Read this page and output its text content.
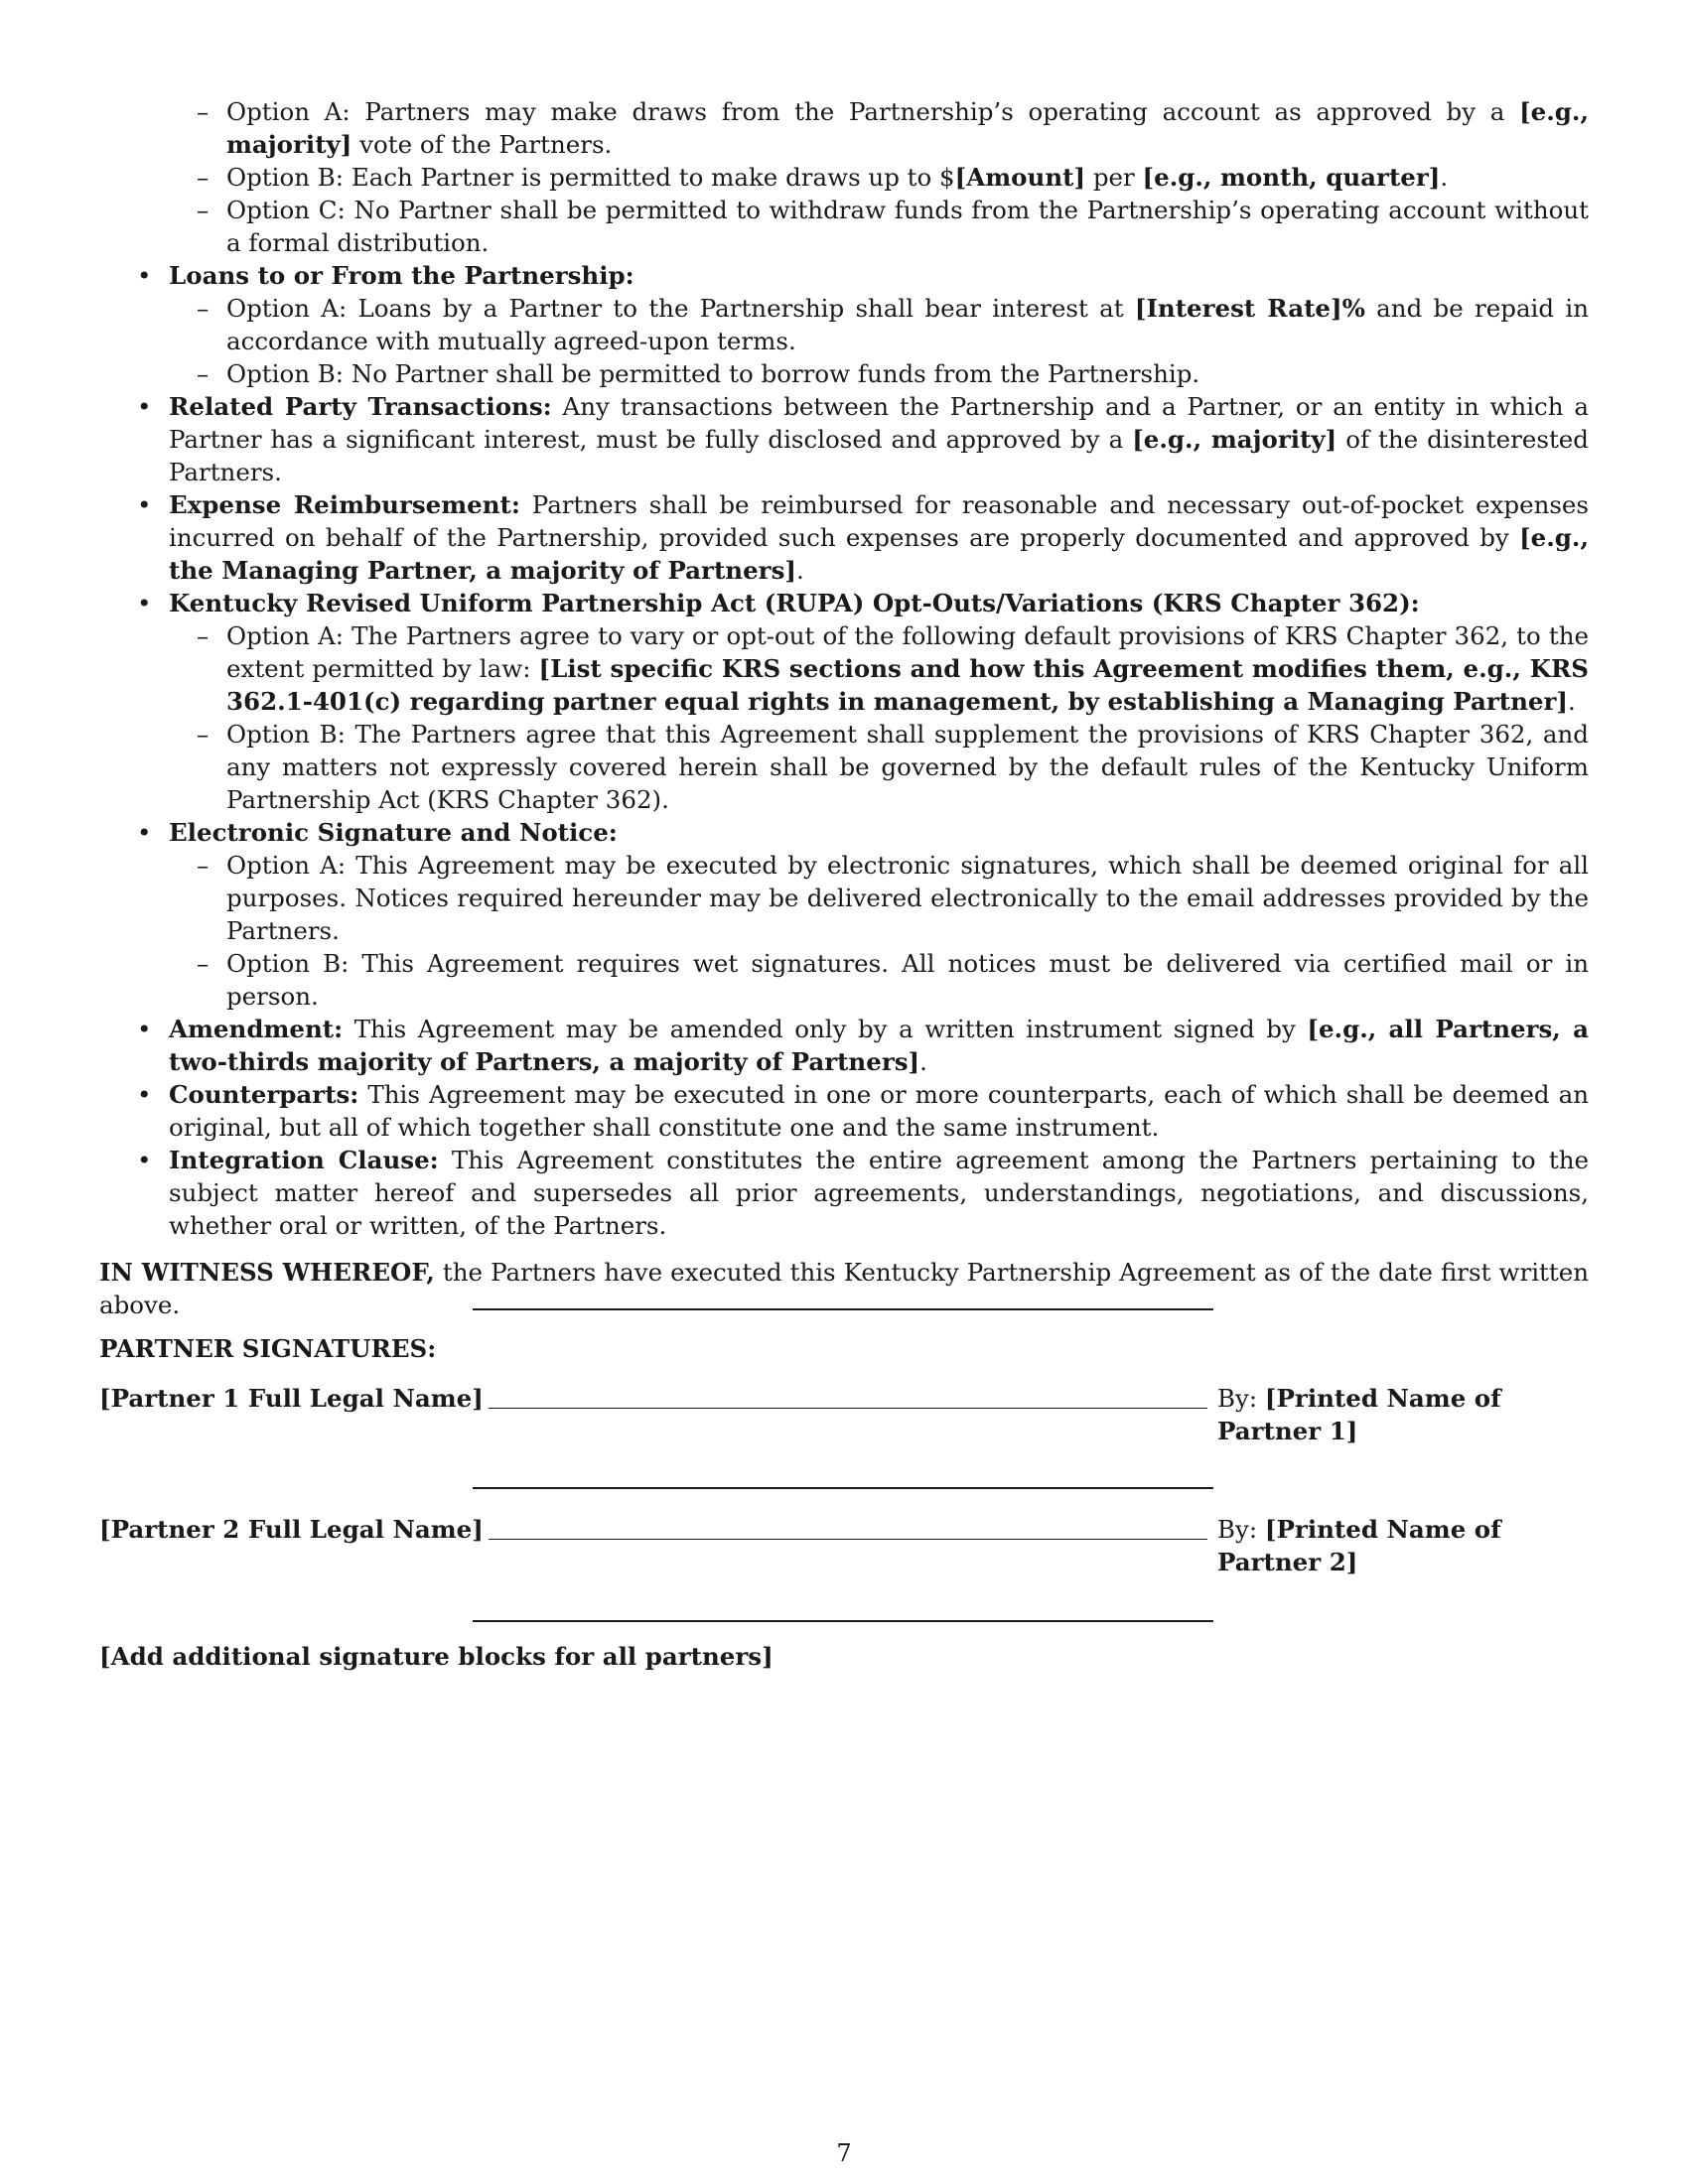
– Option A: Partners may make draws from the Partnership’s operating account as approved by a [e.g., majority] vote of the Partners.
– Option B: Each Partner is permitted to make draws up to $[Amount] per [e.g., month, quarter].
– Option C: No Partner shall be permitted to withdraw funds from the Partnership’s operating account without a formal distribution.
• Loans to or From the Partnership:
– Option A: Loans by a Partner to the Partnership shall bear interest at [Interest Rate]% and be repaid in accordance with mutually agreed-upon terms.
– Option B: No Partner shall be permitted to borrow funds from the Partnership.
• Related Party Transactions: Any transactions between the Partnership and a Partner, or an entity in which a Partner has a significant interest, must be fully disclosed and approved by a [e.g., majority] of the disinterested Partners.
• Expense Reimbursement: Partners shall be reimbursed for reasonable and necessary out-of-pocket expenses incurred on behalf of the Partnership, provided such expenses are properly documented and approved by [e.g., the Managing Partner, a majority of Partners].
• Kentucky Revised Uniform Partnership Act (RUPA) Opt-Outs/Variations (KRS Chapter 362):
– Option A: The Partners agree to vary or opt-out of the following default provisions of KRS Chapter 362, to the extent permitted by law: [List specific KRS sections and how this Agreement modifies them, e.g., KRS 362.1-401(c) regarding partner equal rights in management, by establishing a Managing Partner].
– Option B: The Partners agree that this Agreement shall supplement the provisions of KRS Chapter 362, and any matters not expressly covered herein shall be governed by the default rules of the Kentucky Uniform Partnership Act (KRS Chapter 362).
• Electronic Signature and Notice:
– Option A: This Agreement may be executed by electronic signatures, which shall be deemed original for all purposes. Notices required hereunder may be delivered electronically to the email addresses provided by the Partners.
– Option B: This Agreement requires wet signatures. All notices must be delivered via certified mail or in person.
• Amendment: This Agreement may be amended only by a written instrument signed by [e.g., all Partners, a two-thirds majority of Partners, a majority of Partners].
• Counterparts: This Agreement may be executed in one or more counterparts, each of which shall be deemed an original, but all of which together shall constitute one and the same instrument.
• Integration Clause: This Agreement constitutes the entire agreement among the Partners pertaining to the subject matter hereof and supersedes all prior agreements, understandings, negotiations, and discussions, whether oral or written, of the Partners.

IN WITNESS WHEREOF, the Partners have executed this Kentucky Partnership Agreement as of the date first written above.

PARTNER SIGNATURES:
[Partner 1 Full Legal Name]	By: [Printed Name of Partner 1]
[Partner 2 Full Legal Name]	By: [Printed Name of Partner 2]
[Add additional signature blocks for all partners]
7
